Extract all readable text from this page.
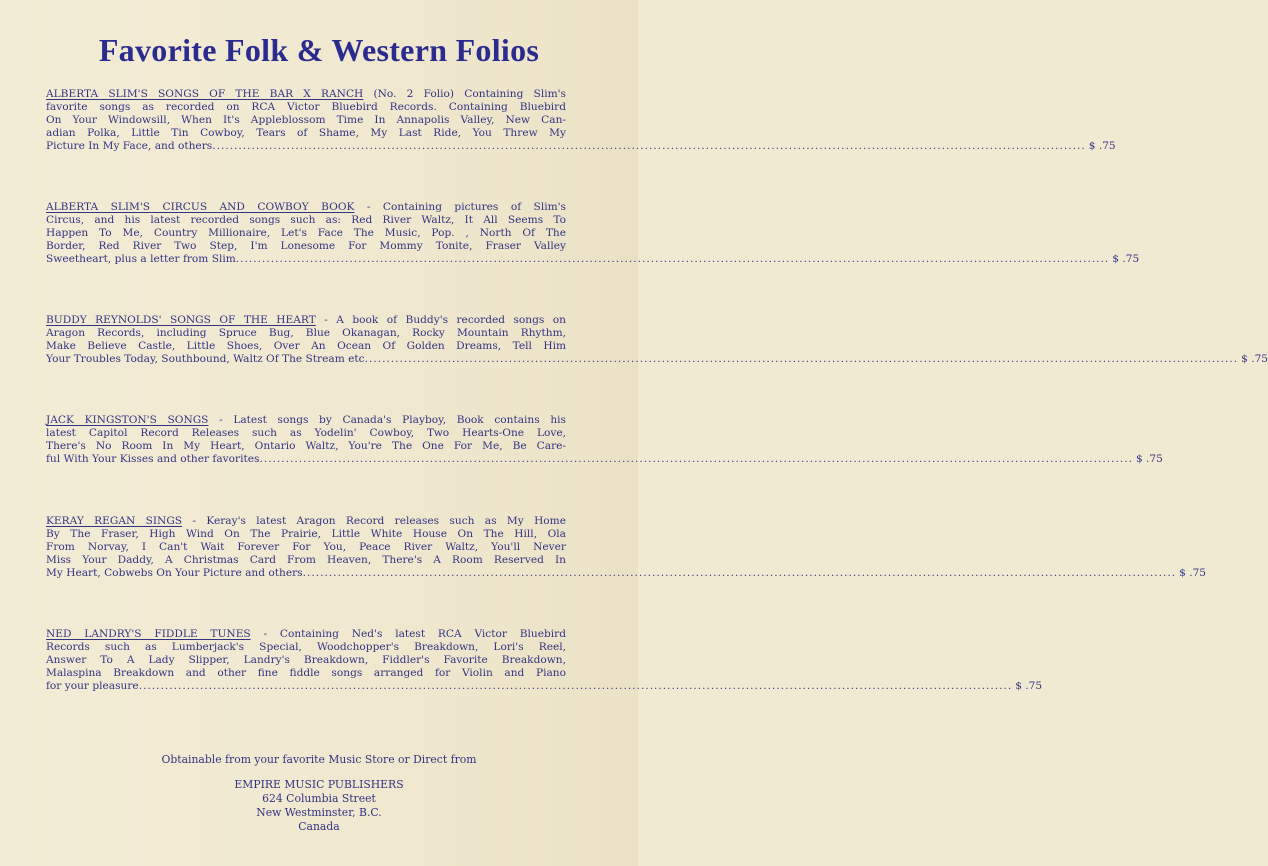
Favorite Folk & Western Folios
ALBERTA SLIM'S SONGS OF THE BAR X RANCH (No. 2 Folio) Containing Slim's
favorite songs as recorded on RCA Victor Bluebird Records. Containing Bluebird
On Your Windowsill, When It's Appleblossom Time In Annapolis Valley, New Can-
adian Polka, Little Tin Cowboy, Tears of Shame, My Last Ride, You Threw My
Picture In My Face, and others ........................................................................................................................................................................................................ $ .75
ALBERTA SLIM'S CIRCUS AND COWBOY BOOK - Containing pictures of Slim's
Circus, and his latest recorded songs such as: Red River Waltz, It All Seems To
Happen To Me, Country Millionaire, Let's Face The Music, Pop. , North Of The
Border, Red River Two Step, I'm Lonesome For Mommy Tonite, Fraser Valley
Sweetheart, plus a letter from Slim ........................................................................................................................................................................................................ $ .75
BUDDY REYNOLDS' SONGS OF THE HEART - A book of Buddy's recorded songs on
Aragon Records, including Spruce Bug, Blue Okanagan, Rocky Mountain Rhythm,
Make Believe Castle, Little Shoes, Over An Ocean Of Golden Dreams, Tell Him
Your Troubles Today, Southbound, Waltz Of The Stream etc ........................................................................................................................................................................................................ $ .75
JACK KINGSTON'S SONGS - Latest songs by Canada's Playboy, Book contains his
latest Capitol Record Releases such as Yodelin' Cowboy, Two Hearts-One Love,
There's No Room In My Heart, Ontario Waltz, You're The One For Me, Be Care-
ful With Your Kisses and other favorites ........................................................................................................................................................................................................ $ .75
KERAY REGAN SINGS - Keray's latest Aragon Record releases such as My Home
By The Fraser, High Wind On The Prairie, Little White House On The Hill, Ola
From Norvay, I Can't Wait Forever For You, Peace River Waltz, You'll Never
Miss Your Daddy, A Christmas Card From Heaven, There's A Room Reserved In
My Heart, Cobwebs On Your Picture and others ........................................................................................................................................................................................................ $ .75
NED LANDRY'S FIDDLE TUNES - Containing Ned's latest RCA Victor Bluebird
Records such as Lumberjack's Special, Woodchopper's Breakdown, Lori's Reel,
Answer To A Lady Slipper, Landry's Breakdown, Fiddler's Favorite Breakdown,
Malaspina Breakdown and other fine fiddle songs arranged for Violin and Piano
for your pleasure ........................................................................................................................................................................................................ $ .75
Obtainable from your favorite Music Store or Direct from
EMPIRE MUSIC PUBLISHERS
624 Columbia Street
New Westminster, B.C.
Canada
